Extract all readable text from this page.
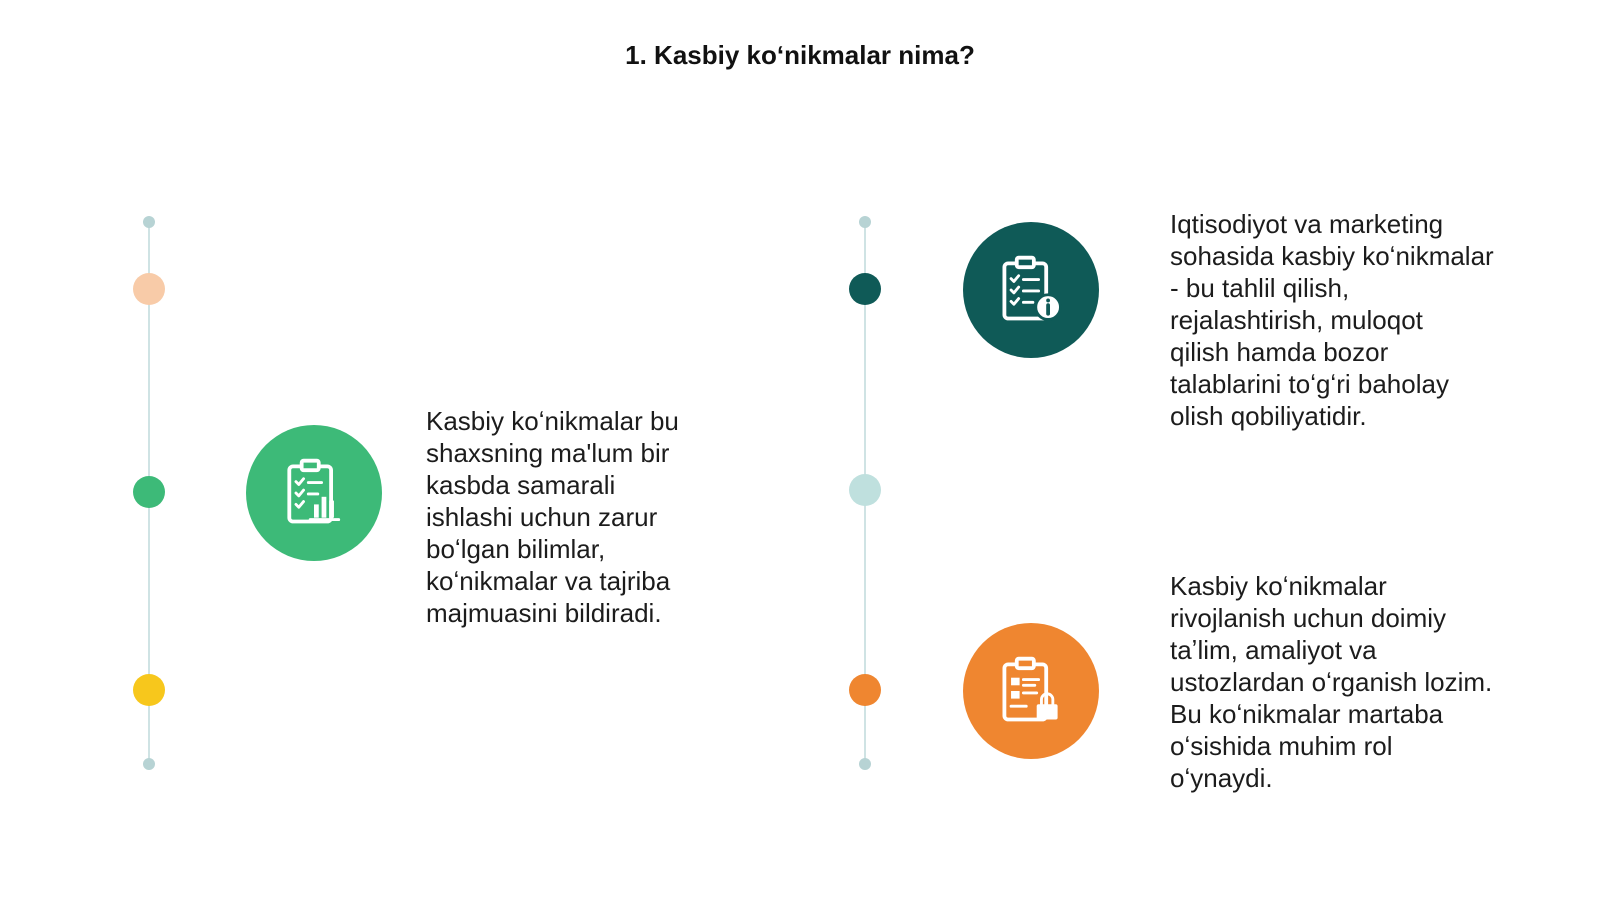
1. Kasbiy koʻnikmalar nima?
Kasbiy koʻnikmalar bu
shaxsning ma'lum bir
kasbda samarali
ishlashi uchun zarur
boʻlgan bilimlar,
koʻnikmalar va tajriba
majmuasini bildiradi.
Iqtisodiyot va marketing
sohasida kasbiy koʻnikmalar
- bu tahlil qilish,
rejalashtirish, muloqot
qilish hamda bozor
talablarini toʻgʻri baholay
olish qobiliyatidir.
Kasbiy koʻnikmalar
rivojlanish uchun doimiy
taʼlim, amaliyot va
ustozlardan oʻrganish lozim.
Bu koʻnikmalar martaba
oʻsishida muhim rol
oʻynaydi.
